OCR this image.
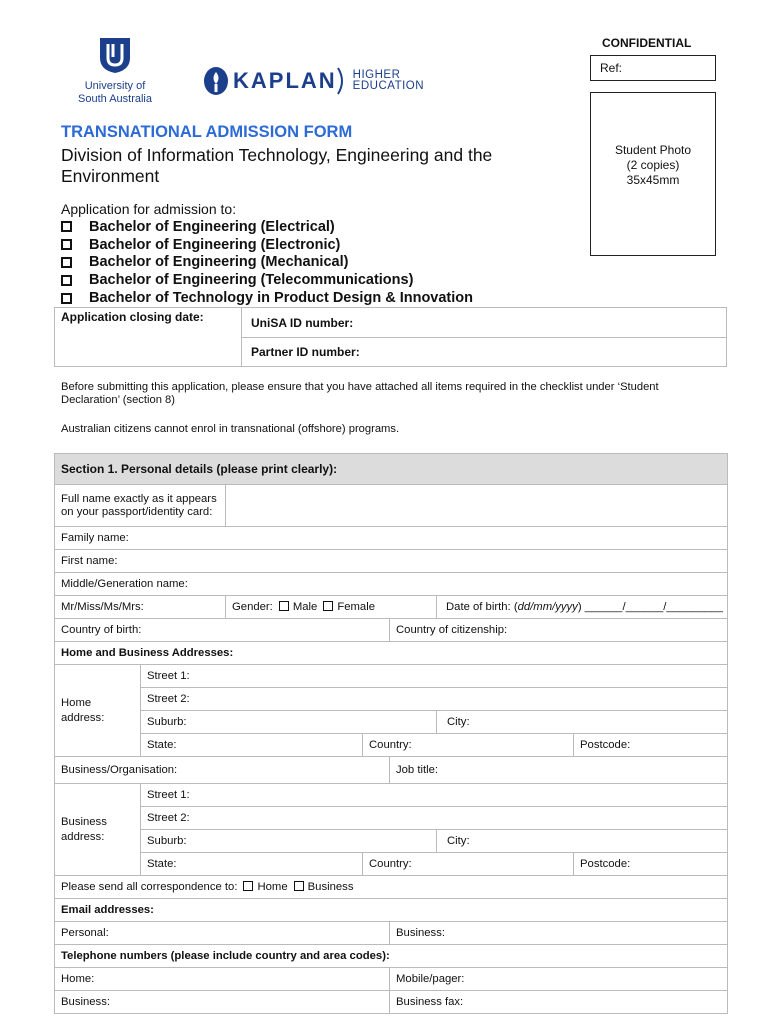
University of
South Australia
KAPLAN HIGHER
EDUCATION
CONFIDENTIAL
Ref:
Student Photo
(2 copies)
35x45mm
TRANSNATIONAL ADMISSION FORM
Division of Information Technology, Engineering and the Environment
Application for admission to:
Bachelor of Engineering (Electrical)
Bachelor of Engineering (Electronic)
Bachelor of Engineering (Mechanical)
Bachelor of Engineering (Telecommunications)
Bachelor of Technology in Product Design & Innovation
Application closing date:	UniSA ID number:
Partner ID number:
Before submitting this application, please ensure that you have attached all items required in the checklist under ‘Student Declaration’ (section 8)
Australian citizens cannot enrol in transnational (offshore) programs.
Section 1. Personal details (please print clearly):						
Full name exactly as it appears on your passport/identity card:						
Family name:						
First name:						
Middle/Generation name:						
Mr/Miss/Ms/Mrs:		Gender: Male Female			Date of birth: (dd/mm/yyyy) ______/______/_________	
Country of birth:				Country of citizenship:		
Home and Business Addresses:						
Home address:	Street 1:					
	Street 2:					
	Suburb:				City:	
	State:		Country:			Postcode:
Business/Organisation:				Job title:		
Business address:	Street 1:					
	Street 2:					
	Suburb:				City:	
	State:		Country:			Postcode:
Please send all correspondence to: Home Business						
Email addresses:						
Personal:				Business:		
Telephone numbers (please include country and area codes):						
Home:				Mobile/pager:		
Business:				Business fax:		
